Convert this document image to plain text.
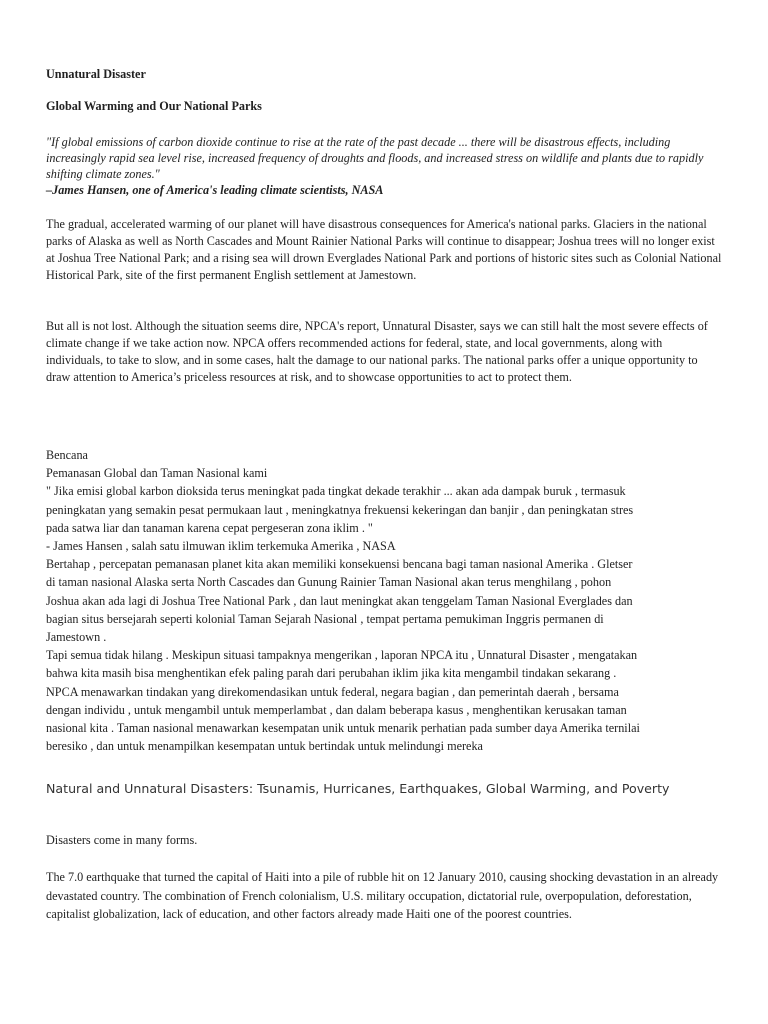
Unnatural Disaster

Global Warming and Our National Parks

"If global emissions of carbon dioxide continue to rise at the rate of the past decade ... there will be disastrous effects, including increasingly rapid sea level rise, increased frequency of droughts and floods, and increased stress on wildlife and plants due to rapidly shifting climate zones."

–James Hansen, one of America's leading climate scientists, NASA

The gradual, accelerated warming of our planet will have disastrous consequences for America's national parks. Glaciers in the national parks of Alaska as well as North Cascades and Mount Rainier National Parks will continue to disappear; Joshua trees will no longer exist at Joshua Tree National Park; and a rising sea will drown Everglades National Park and portions of historic sites such as Colonial National Historical Park, site of the first permanent English settlement at Jamestown.

But all is not lost. Although the situation seems dire, NPCA's report, Unnatural Disaster, says we can still halt the most severe effects of climate change if we take action now. NPCA offers recommended actions for federal, state, and local governments, along with individuals, to take to slow, and in some cases, halt the damage to our national parks. The national parks offer a unique opportunity to draw attention to America’s priceless resources at risk, and to showcase opportunities to act to protect them.

Bencana

Pemanasan Global dan Taman Nasional kami

" Jika emisi global karbon dioksida terus meningkat pada tingkat dekade terakhir ... akan ada dampak buruk , termasuk

peningkatan yang semakin pesat permukaan laut , meningkatnya frekuensi kekeringan dan banjir , dan peningkatan stres

pada satwa liar dan tanaman karena cepat pergeseran zona iklim . "

- James Hansen , salah satu ilmuwan iklim terkemuka Amerika , NASA

Bertahap , percepatan pemanasan planet kita akan memiliki konsekuensi bencana bagi taman nasional Amerika . Gletser

di taman nasional Alaska serta North Cascades dan Gunung Rainier Taman Nasional akan terus menghilang , pohon

Joshua akan ada lagi di Joshua Tree National Park , dan laut meningkat akan tenggelam Taman Nasional Everglades dan

bagian situs bersejarah seperti kolonial Taman Sejarah Nasional , tempat pertama pemukiman Inggris permanen di

Jamestown .

Tapi semua tidak hilang . Meskipun situasi tampaknya mengerikan , laporan NPCA itu , Unnatural Disaster , mengatakan

bahwa kita masih bisa menghentikan efek paling parah dari perubahan iklim jika kita mengambil tindakan sekarang .

NPCA menawarkan tindakan yang direkomendasikan untuk federal, negara bagian , dan pemerintah daerah , bersama

dengan individu , untuk mengambil untuk memperlambat , dan dalam beberapa kasus , menghentikan kerusakan taman

nasional kita . Taman nasional menawarkan kesempatan unik untuk menarik perhatian pada sumber daya Amerika ternilai

beresiko , dan untuk menampilkan kesempatan untuk bertindak untuk melindungi mereka

Natural and Unnatural Disasters: Tsunamis, Hurricanes, Earthquakes, Global Warming, and Poverty

Disasters come in many forms.

The 7.0 earthquake that turned the capital of Haiti into a pile of rubble hit on 12 January 2010, causing shocking devastation in an already devastated country. The combination of French colonialism, U.S. military occupation, dictatorial rule, overpopulation, deforestation, capitalist globalization, lack of education, and other factors already made Haiti one of the poorest countries.
